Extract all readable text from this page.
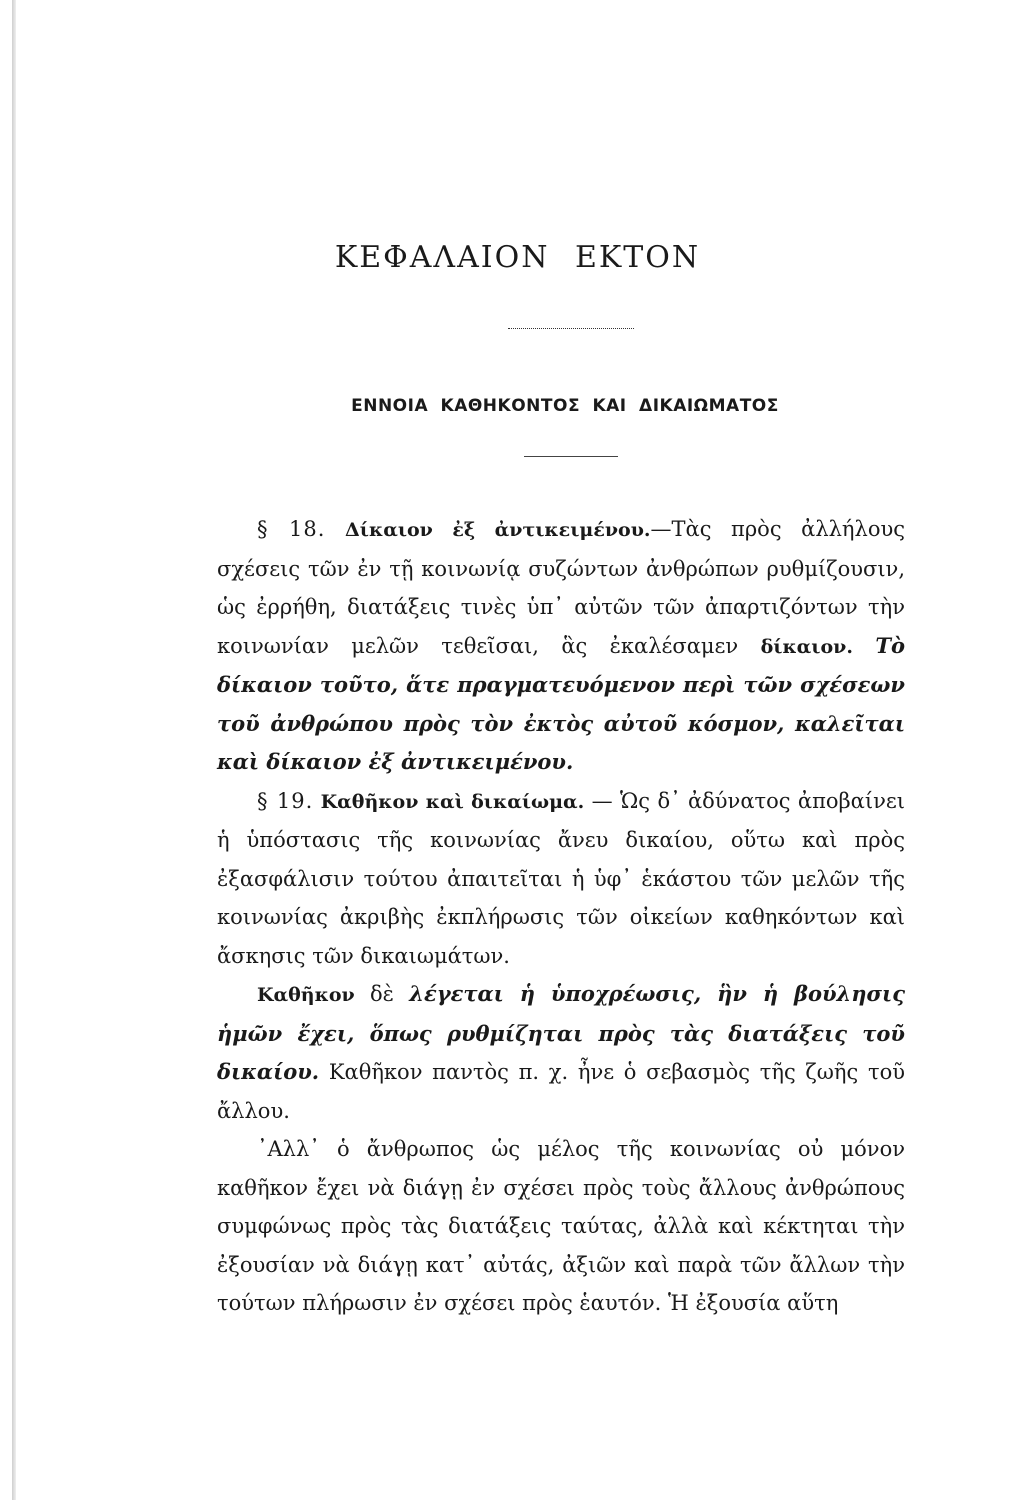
ΚΕΦΑΛΑΙΟΝ ΕΚΤΟΝ
ΕΝΝΟΙΑ ΚΑΘΗΚΟΝΤΟΣ ΚΑΙ ΔΙΚΑΙΩΜΑΤΟΣ

§ 18. Δίκαιον ἐξ ἀντικειμένου.—Τὰς πρὸς ἀλλήλους σχέσεις τῶν ἐν τῇ κοινωνίᾳ συζώντων ἀνθρώπων ρυθμίζουσιν, ὡς ἐρρήθη, διατάξεις τινὲς ὑπ᾿ αὐτῶν τῶν ἀπαρτιζόντων τὴν κοινωνίαν μελῶν τεθεῖσαι, ἃς ἐκαλέσαμεν δίκαιον. Τὸ δίκαιον τοῦτο, ἅτε πραγματευόμενον περὶ τῶν σχέσεων τοῦ ἀνθρώπου πρὸς τὸν ἐκτὸς αὐτοῦ κόσμον, καλεῖται καὶ δίκαιον ἐξ ἀντικειμένου.

§ 19. Καθῆκον καὶ δικαίωμα. — Ὡς δ᾿ ἀδύνατος ἀποβαίνει ἡ ὑπόστασις τῆς κοινωνίας ἄνευ δικαίου, οὕτω καὶ πρὸς ἐξασφάλισιν τούτου ἀπαιτεῖται ἡ ὑφ᾿ ἑκάστου τῶν μελῶν τῆς κοινωνίας ἀκριβὴς ἐκπλήρωσις τῶν οἰκείων καθηκόντων καὶ ἄσκησις τῶν δικαιωμάτων.

Καθῆκον δὲ λέγεται ἡ ὑποχρέωσις, ἣν ἡ βούλησις ἡμῶν ἔχει, ὅπως ρυθμίζηται πρὸς τὰς διατάξεις τοῦ δικαίου. Καθῆκον παντὸς π. χ. ἦνε ὁ σεβασμὸς τῆς ζωῆς τοῦ ἄλλου.

᾿Αλλ᾿ ὁ ἄνθρωπος ὡς μέλος τῆς κοινωνίας οὐ μόνον καθῆκον ἔχει νὰ διάγῃ ἐν σχέσει πρὸς τοὺς ἄλλους ἀνθρώπους συμφώνως πρὸς τὰς διατάξεις ταύτας, ἀλλὰ καὶ κέκτηται τὴν ἐξουσίαν νὰ διάγῃ κατ᾿ αὐτάς, ἀξιῶν καὶ παρὰ τῶν ἄλλων τὴν τούτων πλήρωσιν ἐν σχέσει πρὸς ἑαυτόν. Ἡ ἐξουσία αὕτη
